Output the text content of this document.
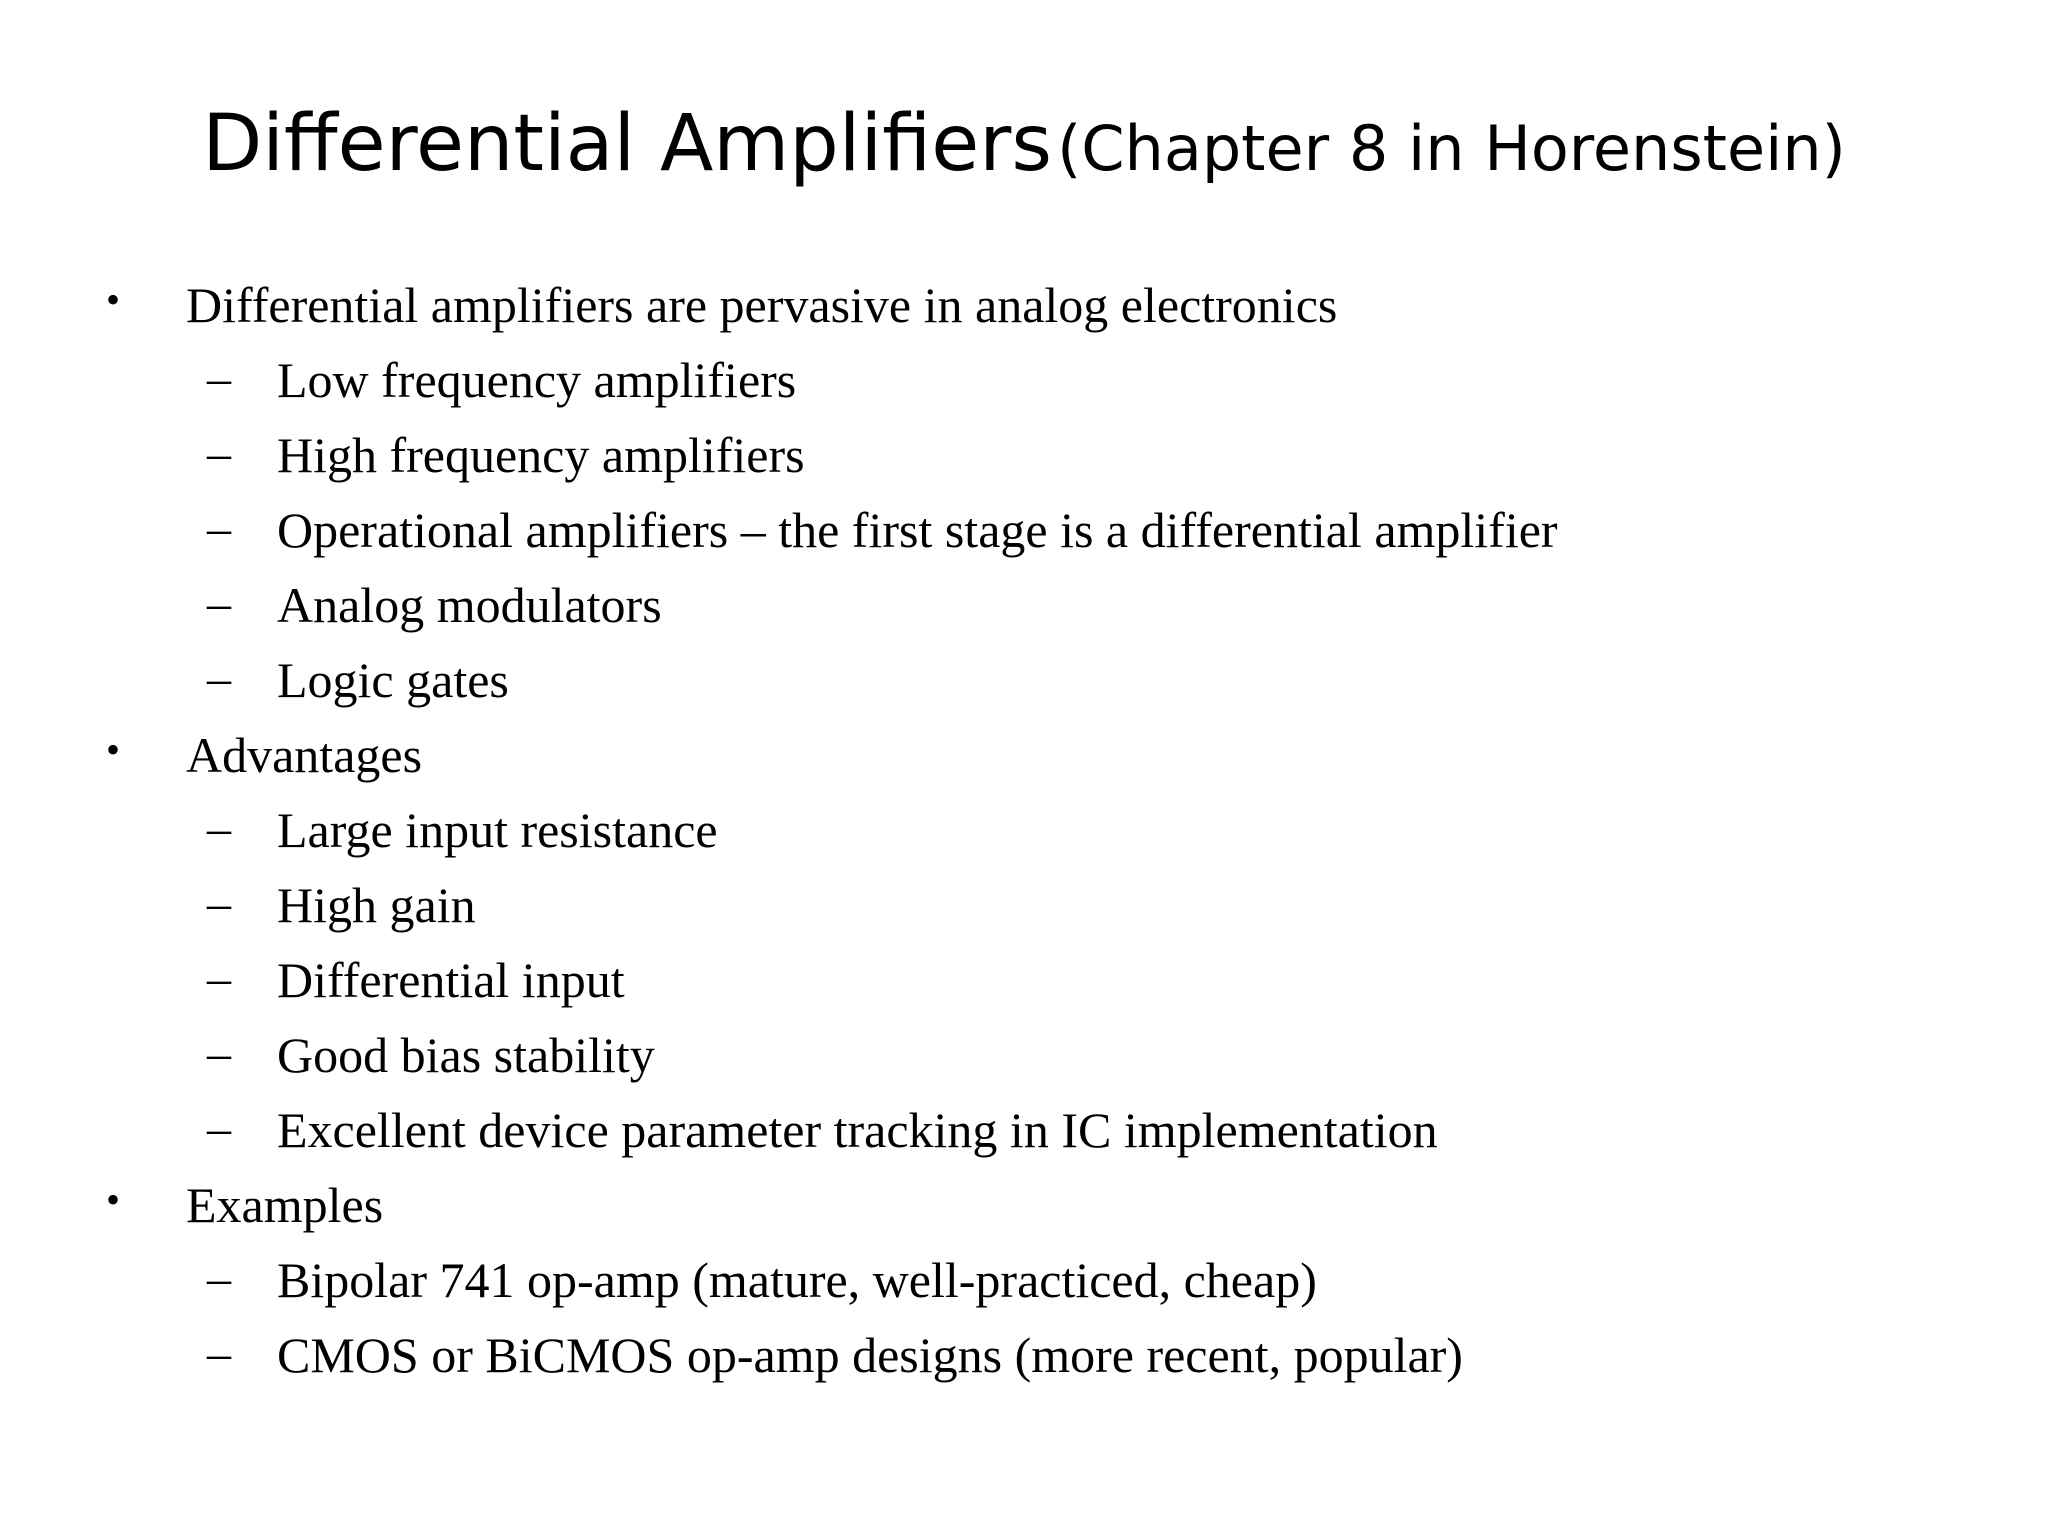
Differential Amplifiers (Chapter 8 in Horenstein)
• Differential amplifiers are pervasive in analog electronics
– Low frequency amplifiers
– High frequency amplifiers
– Operational amplifiers – the first stage is a differential amplifier
– Analog modulators
– Logic gates
• Advantages
– Large input resistance
– High gain
– Differential input
– Good bias stability
– Excellent device parameter tracking in IC implementation
• Examples
– Bipolar 741 op-amp (mature, well-practiced, cheap)
– CMOS or BiCMOS op-amp designs (more recent, popular)
